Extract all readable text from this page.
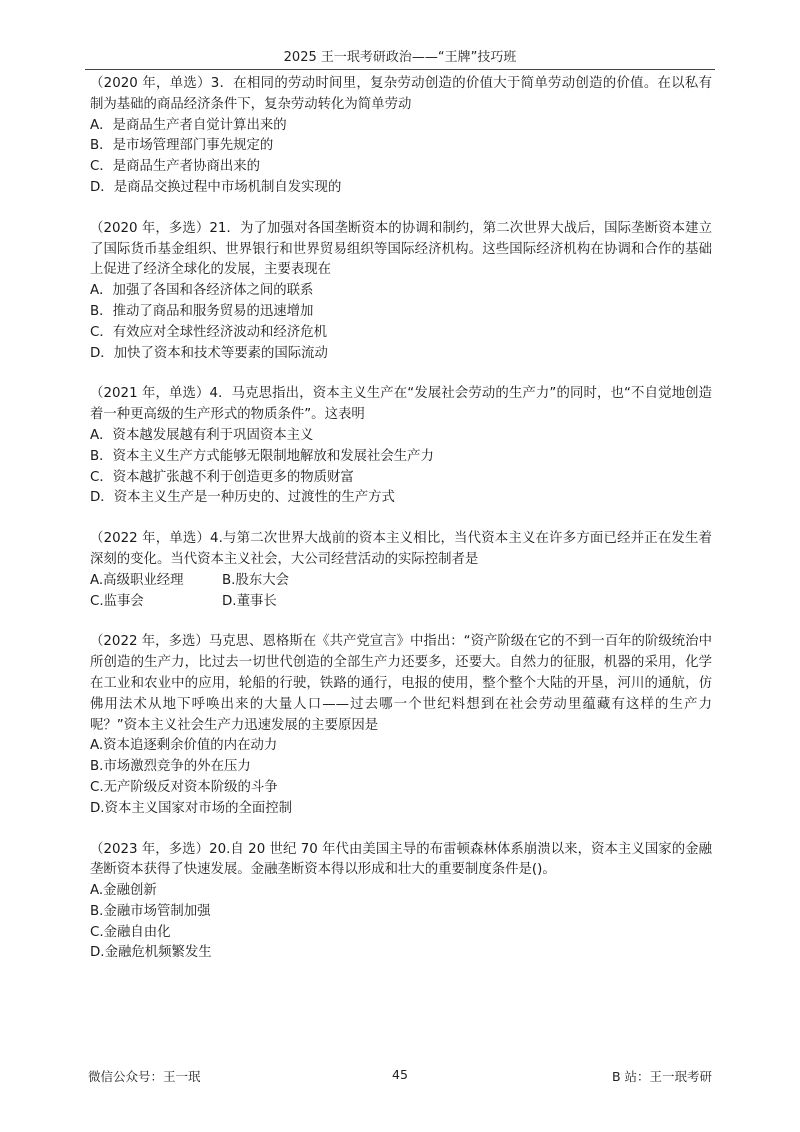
2025 王一珉考研政治——“王牌”技巧班
（2020 年，单选）3．在相同的劳动时间里，复杂劳动创造的价值大于简单劳动创造的价值。在以私有制为基础的商品经济条件下，复杂劳动转化为简单劳动
A．是商品生产者自觉计算出来的
B．是市场管理部门事先规定的
C．是商品生产者协商出来的
D．是商品交换过程中市场机制自发实现的
（2020 年，多选）21．为了加强对各国垄断资本的协调和制约，第二次世界大战后，国际垄断资本建立了国际货币基金组织、世界银行和世界贸易组织等国际经济机构。这些国际经济机构在协调和合作的基础上促进了经济全球化的发展，主要表现在
A．加强了各国和各经济体之间的联系
B．推动了商品和服务贸易的迅速增加
C．有效应对全球性经济波动和经济危机
D．加快了资本和技术等要素的国际流动
（2021 年，单选）4．马克思指出，资本主义生产在“发展社会劳动的生产力”的同时，也“不自觉地创造着一种更高级的生产形式的物质条件”。这表明
A．资本越发展越有利于巩固资本主义
B．资本主义生产方式能够无限制地解放和发展社会生产力
C．资本越扩张越不利于创造更多的物质财富
D．资本主义生产是一种历史的、过渡性的生产方式
（2022 年，单选）4.与第二次世界大战前的资本主义相比，当代资本主义在许多方面已经并正在发生着深刻的变化。当代资本主义社会，大公司经营活动的实际控制者是
A.高级职业经理	B.股东大会
C.监事会	D.董事长
（2022 年，多选）马克思、恩格斯在《共产党宣言》中指出：“资产阶级在它的不到一百年的阶级统治中所创造的生产力，比过去一切世代创造的全部生产力还要多，还要大。自然力的征服，机器的采用，化学在工业和农业中的应用，轮船的行驶，铁路的通行，电报的使用，整个整个大陆的开垦，河川的通航，仿佛用法术从地下呼唤出来的大量人口——过去哪一个世纪料想到在社会劳动里蕴藏有这样的生产力呢？”资本主义社会生产力迅速发展的主要原因是
A.资本追逐剩余价值的内在动力
B.市场激烈竞争的外在压力
C.无产阶级反对资本阶级的斗争
D.资本主义国家对市场的全面控制
（2023 年，多选）20.自 20 世纪 70 年代由美国主导的布雷顿森林体系崩溃以来，资本主义国家的金融垄断资本获得了快速发展。金融垄断资本得以形成和壮大的重要制度条件是()。
A.金融创新
B.金融市场管制加强
C.金融自由化
D.金融危机频繁发生
微信公众号：王一珉	45	B 站：王一珉考研
